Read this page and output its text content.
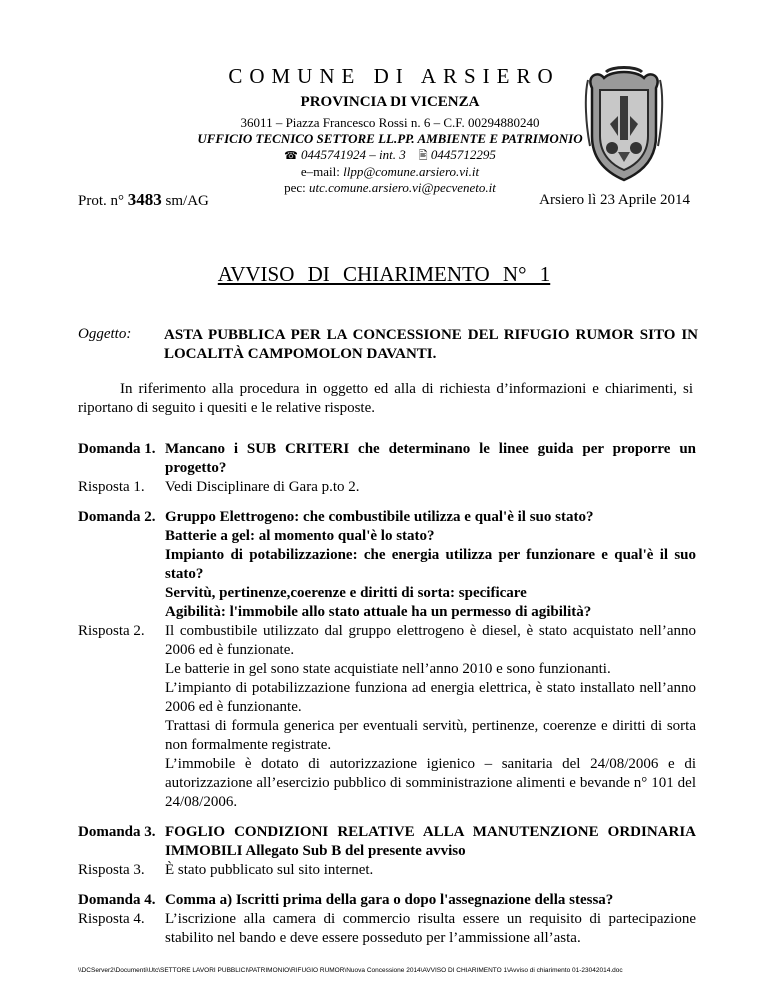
COMUNE DI ARSIERO
PROVINCIA DI VICENZA
36011 – Piazza Francesco Rossi n. 6 – C.F. 00294880240
UFFICIO TECNICO SETTORE LL.PP. AMBIENTE E PATRIMONIO
☎ 0445741924 – int. 3 🖹 0445712295
e–mail: llpp@comune.arsiero.vi.it
pec: utc.comune.arsiero.vi@pecveneto.it
Prot. n° 3483 sm/AG	Arsiero lì 23 Aprile 2014
AVVISO DI CHIARIMENTO N° 1
Oggetto: ASTA PUBBLICA PER LA CONCESSIONE DEL RIFUGIO RUMOR SITO IN LOCALITÀ CAMPOMOLON DAVANTI.
In riferimento alla procedura in oggetto ed alla di richiesta d’informazioni e chiarimenti, si riportano di seguito i quesiti e le relative risposte.
Domanda 1. Mancano i SUB CRITERI che determinano le linee guida per proporre un progetto?

Risposta 1.	Vedi Disciplinare di Gara p.to 2.

Domanda 2. Gruppo Elettrogeno: che combustibile utilizza e qual'è il suo stato?

Batterie a gel: al momento qual'è lo stato?

Impianto di potabilizzazione: che energia utilizza per funzionare e qual'è il suo stato?

Servitù, pertinenze,coerenze e diritti di sorta: specificare

Agibilità: l'immobile allo stato attuale ha un permesso di agibilità?

Risposta 2.	Il combustibile utilizzato dal gruppo elettrogeno è diesel, è stato acquistato nell’anno 2006 ed è funzionate.

Le batterie in gel sono state acquistiate nell’anno 2010 e sono funzionanti.

L’impianto di potabilizzazione funziona ad energia elettrica, è stato installato nell’anno 2006 ed è funzionante.

Trattasi di formula generica per eventuali servitù, pertinenze, coerenze e diritti di sorta non formalmente registrate.

L’immobile è dotato di autorizzazione igienico – sanitaria del 24/08/2006 e di autorizzazione all’esercizio pubblico di somministrazione alimenti e bevande n° 101 del 24/08/2006.

Domanda 3. FOGLIO CONDIZIONI RELATIVE ALLA MANUTENZIONE ORDINARIA IMMOBILI Allegato Sub B del presente avviso

Risposta 3.	È stato pubblicato sul sito internet.

Domanda 4. Comma a) Iscritti prima della gara o dopo l'assegnazione della stessa?

Risposta 4.	L’iscrizione alla camera di commercio risulta essere un requisito di partecipazione stabilito nel bando e deve essere posseduto per l’ammissione all’asta.

\\DCServer2\Documenti\Utc\SETTORE LAVORI PUBBLICI\PATRIMONIO\RIFUGIO RUMOR\Nuova Concessione 2014\AVVISO DI CHIARIMENTO 1\Avviso di chiarimento 01-23042014.doc
